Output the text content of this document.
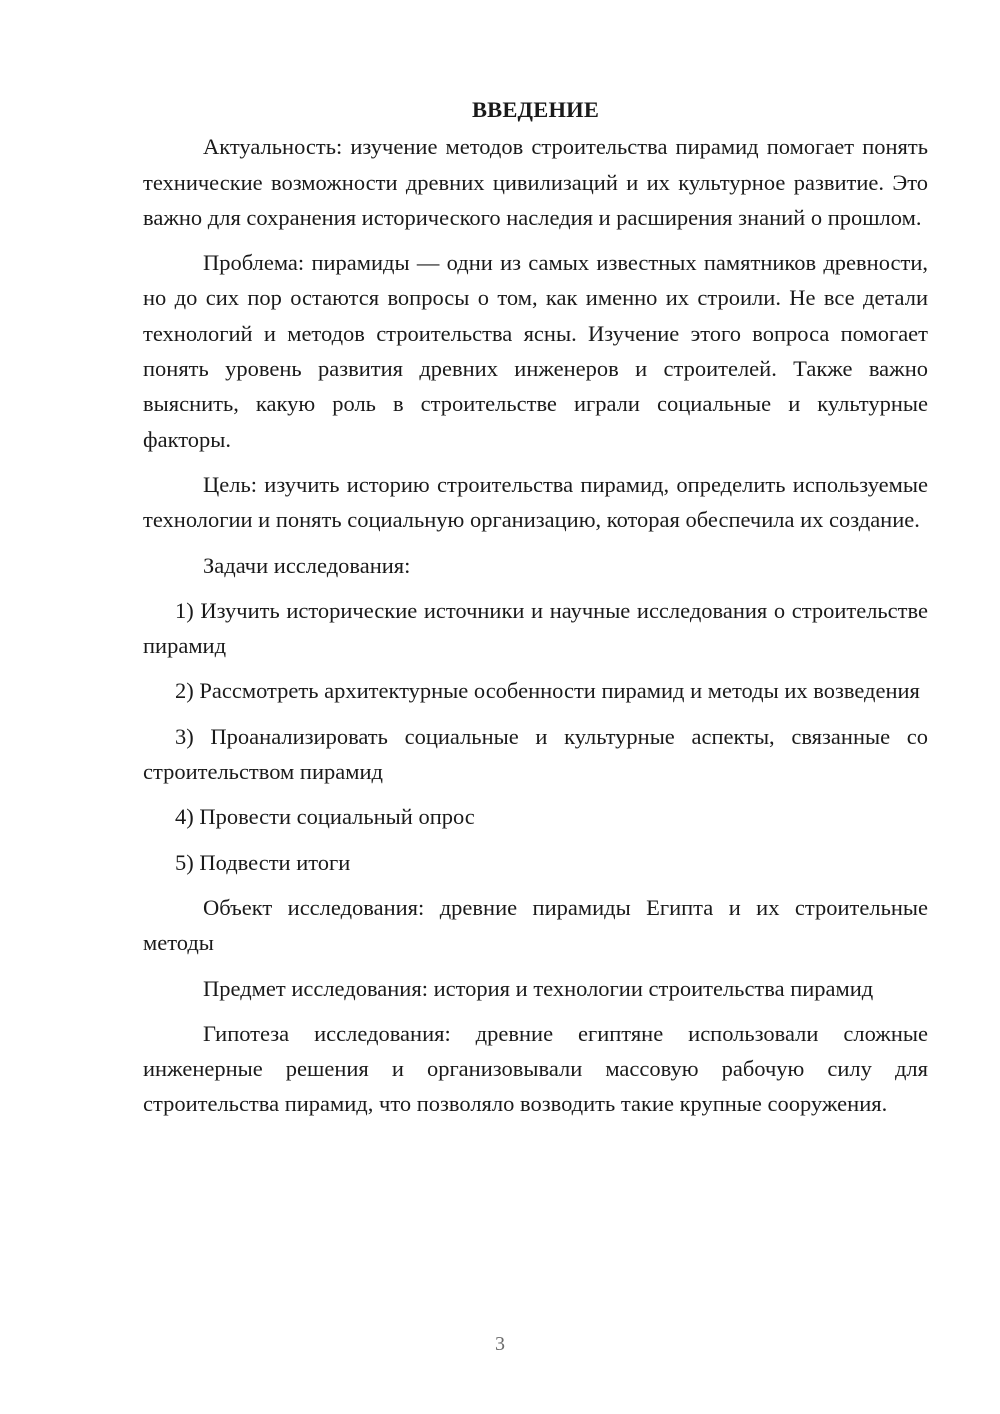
ВВЕДЕНИЕ

Актуальность: изучение методов строительства пирамид помогает понять технические возможности древних цивилизаций и их культурное развитие. Это важно для сохранения исторического наследия и расширения знаний о прошлом.

Проблема: пирамиды — одни из самых известных памятников древности, но до сих пор остаются вопросы о том, как именно их строили. Не все детали технологий и методов строительства ясны. Изучение этого вопроса помогает понять уровень развития древних инженеров и строителей. Также важно выяснить, какую роль в строительстве играли социальные и культурные факторы.

Цель: изучить историю строительства пирамид, определить используемые технологии и понять социальную организацию, которая обеспечила их создание.

Задачи исследования:

1) Изучить исторические источники и научные исследования о строительстве пирамид

2) Рассмотреть архитектурные особенности пирамид и методы их возведения

3) Проанализировать социальные и культурные аспекты, связанные со строительством пирамид

4) Провести социальный опрос

5) Подвести итоги

Объект исследования: древние пирамиды Египта и их строительные методы

Предмет исследования: история и технологии строительства пирамид

Гипотеза исследования: древние египтяне использовали сложные инженерные решения и организовывали массовую рабочую силу для строительства пирамид, что позволяло возводить такие крупные сооружения.

3
